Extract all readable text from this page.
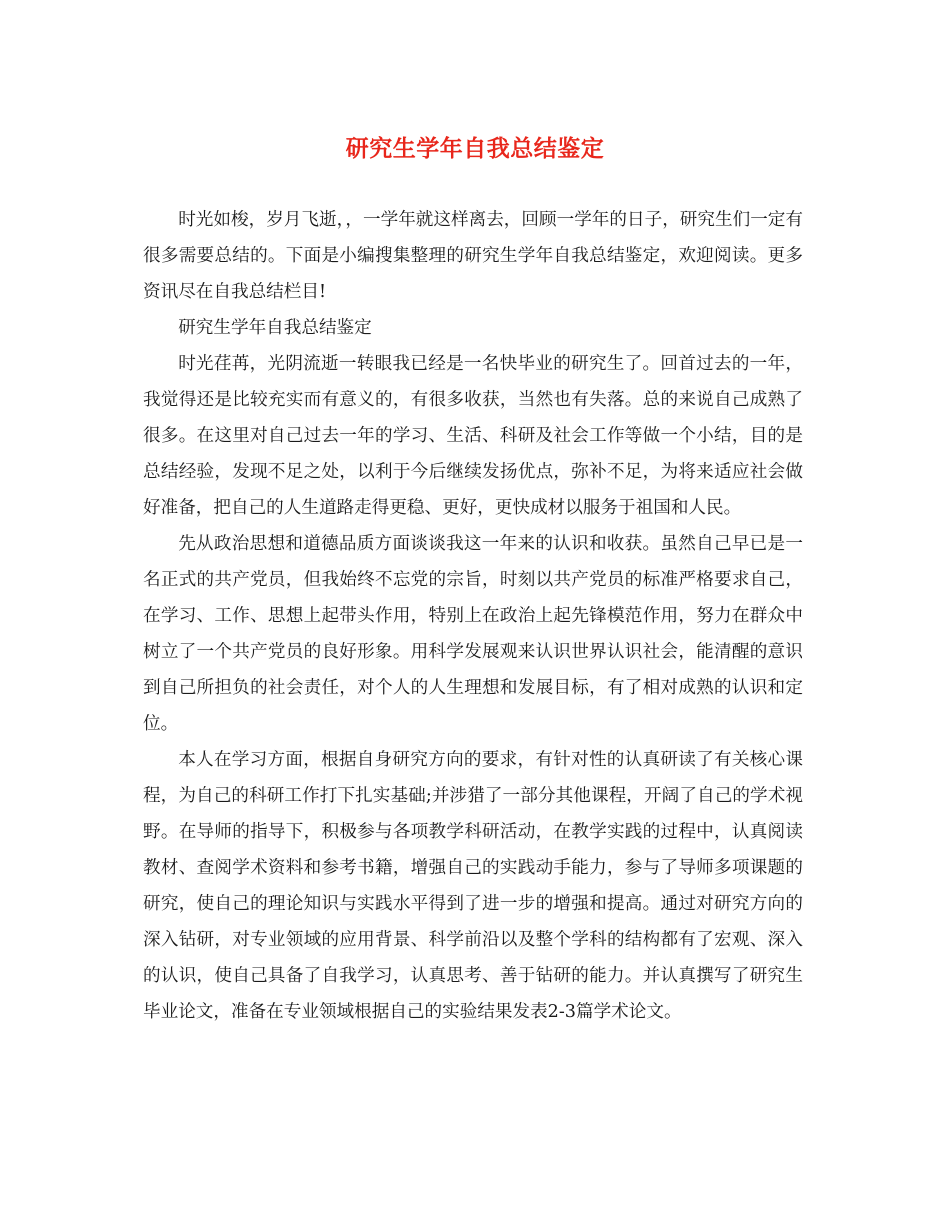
研究生学年自我总结鉴定

时光如梭，岁月飞逝，，一学年就这样离去，回顾一学年的日子，研究生们一定有很多需要总结的。下面是小编搜集整理的研究生学年自我总结鉴定，欢迎阅读。更多资讯尽在自我总结栏目!

研究生学年自我总结鉴定

时光荏苒，光阴流逝一转眼我已经是一名快毕业的研究生了。回首过去的一年，我觉得还是比较充实而有意义的，有很多收获，当然也有失落。总的来说自己成熟了很多。在这里对自己过去一年的学习、生活、科研及社会工作等做一个小结，目的是总结经验，发现不足之处，以利于今后继续发扬优点，弥补不足，为将来适应社会做好准备，把自己的人生道路走得更稳、更好，更快成材以服务于祖国和人民。

先从政治思想和道德品质方面谈谈我这一年来的认识和收获。虽然自己早已是一名正式的共产党员，但我始终不忘党的宗旨，时刻以共产党员的标准严格要求自己，在学习、工作、思想上起带头作用，特别上在政治上起先锋模范作用，努力在群众中树立了一个共产党员的良好形象。用科学发展观来认识世界认识社会，能清醒的意识到自己所担负的社会责任，对个人的人生理想和发展目标，有了相对成熟的认识和定位。

本人在学习方面，根据自身研究方向的要求，有针对性的认真研读了有关核心课程，为自己的科研工作打下扎实基础;并涉猎了一部分其他课程，开阔了自己的学术视野。在导师的指导下，积极参与各项教学科研活动，在教学实践的过程中，认真阅读教材、查阅学术资料和参考书籍，增强自己的实践动手能力，参与了导师多项课题的研究，使自己的理论知识与实践水平得到了进一步的增强和提高。通过对研究方向的深入钻研，对专业领域的应用背景、科学前沿以及整个学科的结构都有了宏观、深入的认识，使自己具备了自我学习，认真思考、善于钻研的能力。并认真撰写了研究生毕业论文，准备在专业领域根据自己的实验结果发表2-3篇学术论文。
